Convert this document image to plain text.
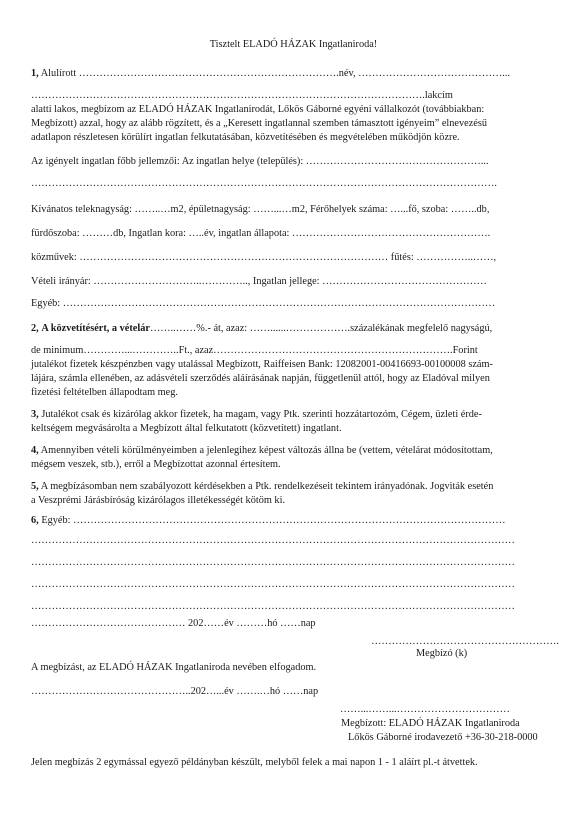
Tisztelt ELADÓ HÁZAK Ingatlaniroda!
1, Alulírott ………………………………………………………………….név, ……………………………………...
…………………………………………………………………………………………………….lakcím
alatti lakos, megbízom az ELADÓ HÁZAK Ingatlanirodát, Lőkös Gáborné egyéni vállalkozót (továbbiakban:
Megbízott) azzal, hogy az alább rögzített, és a „Keresett ingatlannal szemben támasztott igényeim” elnevezésű
adatlapon részletesen körülírt ingatlan felkutatásában, közvetítésében és megvételében működjön közre.
Az igényelt ingatlan főbb jellemzői: Az ingatlan helye (település): ……………………………………………...
……………………………………………………………………………………………………………………….
Kívánatos teleknagyság: ……..…m2, épületnagyság: ……...…m2, Férőhelyek száma: …...fő, szoba: ……..db,
fürdőszoba: ………db, Ingatlan kora: …..év, ingatlan állapota: ………………………………………………….
közművek: ……………………………………………………………………………… fűtés: ……………..……,
Vételi irányár: …………………………..………….., Ingatlan jellege: …………………………………………
Egyéb: ………………………………………………………………………………………………………………
2, A közvetítésért, a vételár……..……%.- át, azaz: ……......……………….százalékának megfelelő nagyságú,
de minimum…………...…………..Ft., azaz…………………………………………………………….Forint
jutalékot fizetek készpénzben vagy utalással Megbízott, Raiffeisen Bank: 12082001-00416693-00100008 szám-
lájára, számla ellenében, az adásvételi szerződés aláírásának napján, függetlenül attól, hogy az Eladóval milyen
fizetési feltételben állapodtam meg.
3, Jutalékot csak és kizárólag akkor fizetek, ha magam, vagy Ptk. szerinti hozzátartozóm, Cégem, üzleti érde-
keltségem megvásárolta a Megbízott által felkutatott (közvetített) ingatlant.
4, Amennyiben vételi körülményeimben a jelenlegihez képest változás állna be (vettem, vételárat módosítottam,
mégsem veszek, stb.), erről a Megbízottat azonnal értesítem.
5, A megbízásomban nem szabályozott kérdésekben a Ptk. rendelkezéseit tekintem irányadónak. Jogviták esetén
a Veszprémi Járásbíróság kizárólagos illetékességét kötöm ki.
6, Egyéb: ………………………………………………………………………………………………………………
……………………………………………………………………………………………………………………………
……………………………………………………………………………………………………………………………
……………………………………………………………………………………………………………………………
……………………………………………………………………………………………………………………………
……………………………………… 202……év ………hó ……nap
……………………………………………….
Megbízó (k)
A megbízást, az ELADÓ HÁZAK Ingatlaniroda nevében elfogadom.
………………………………………..202…...év …….…hó ……nap
……...……...……………………………
Megbízott: ELADÓ HÁZAK Ingatlaniroda
Lőkös Gáborné irodavezető +36-30-218-0000
Jelen megbízás 2 egymással egyező példányban készült, melyből felek a mai napon 1 - 1 aláírt pl.-t átvettek.
